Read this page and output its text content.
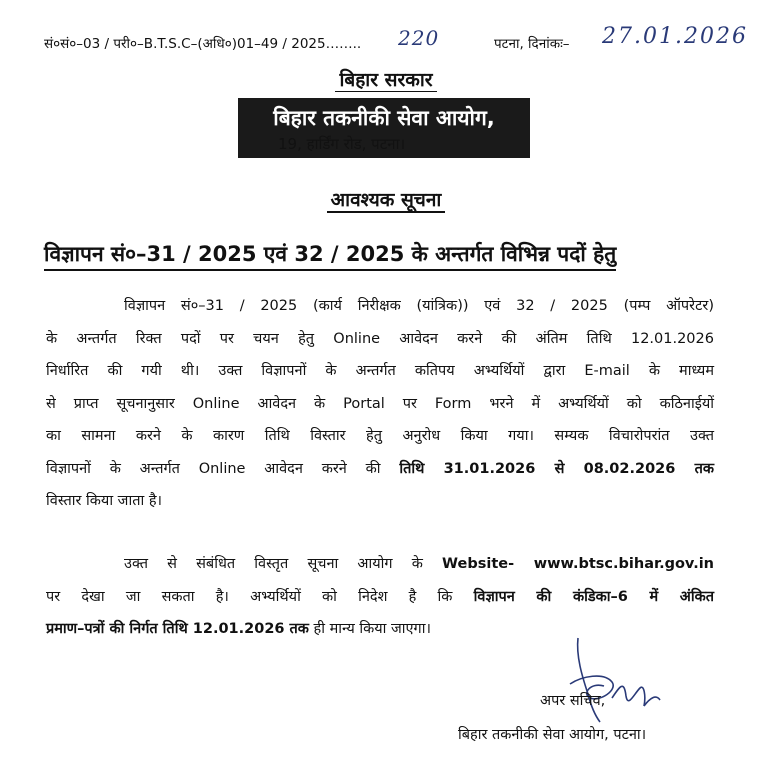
सं०सं०–03 / परी०–B.T.S.C–(अधि०)01–49 / 2025…….. 220	पटना, दिनांकः– 27.01.2026
बिहार सरकार
बिहार तकनीकी सेवा आयोग,
19, हार्डिंग रोड, पटना।
आवश्यक सूचना
विज्ञापन सं०–31 / 2025 एवं 32 / 2025 के अन्तर्गत विभिन्न पदों हेतु
विज्ञापन सं०–31 / 2025 (कार्य निरीक्षक (यांत्रिक)) एवं 32 / 2025 (पम्प ऑपरेटर)
के अन्तर्गत रिक्त पदों पर चयन हेतु Online आवेदन करने की अंतिम तिथि 12.01.2026
निर्धारित की गयी थी। उक्त विज्ञापनों के अन्तर्गत कतिपय अभ्यर्थियों द्वारा E-mail के माध्यम
से प्राप्त सूचनानुसार Online आवेदन के Portal पर Form भरने में अभ्यर्थियों को कठिनाईयों
का सामना करने के कारण तिथि विस्तार हेतु अनुरोध किया गया। सम्यक विचारोपरांत उक्त
विज्ञापनों के अन्तर्गत Online आवेदन करने की तिथि 31.01.2026 से 08.02.2026 तक
विस्तार किया जाता है।
उक्त से संबंधित विस्तृत सूचना आयोग के Website- www.btsc.bihar.gov.in
पर देखा जा सकता है। अभ्यर्थियों को निदेश है कि विज्ञापन की कंडिका–6 में अंकित
प्रमाण–पत्रों की निर्गत तिथि 12.01.2026 तक ही मान्य किया जाएगा।
अपर सचिव,
बिहार तकनीकी सेवा आयोग, पटना।
